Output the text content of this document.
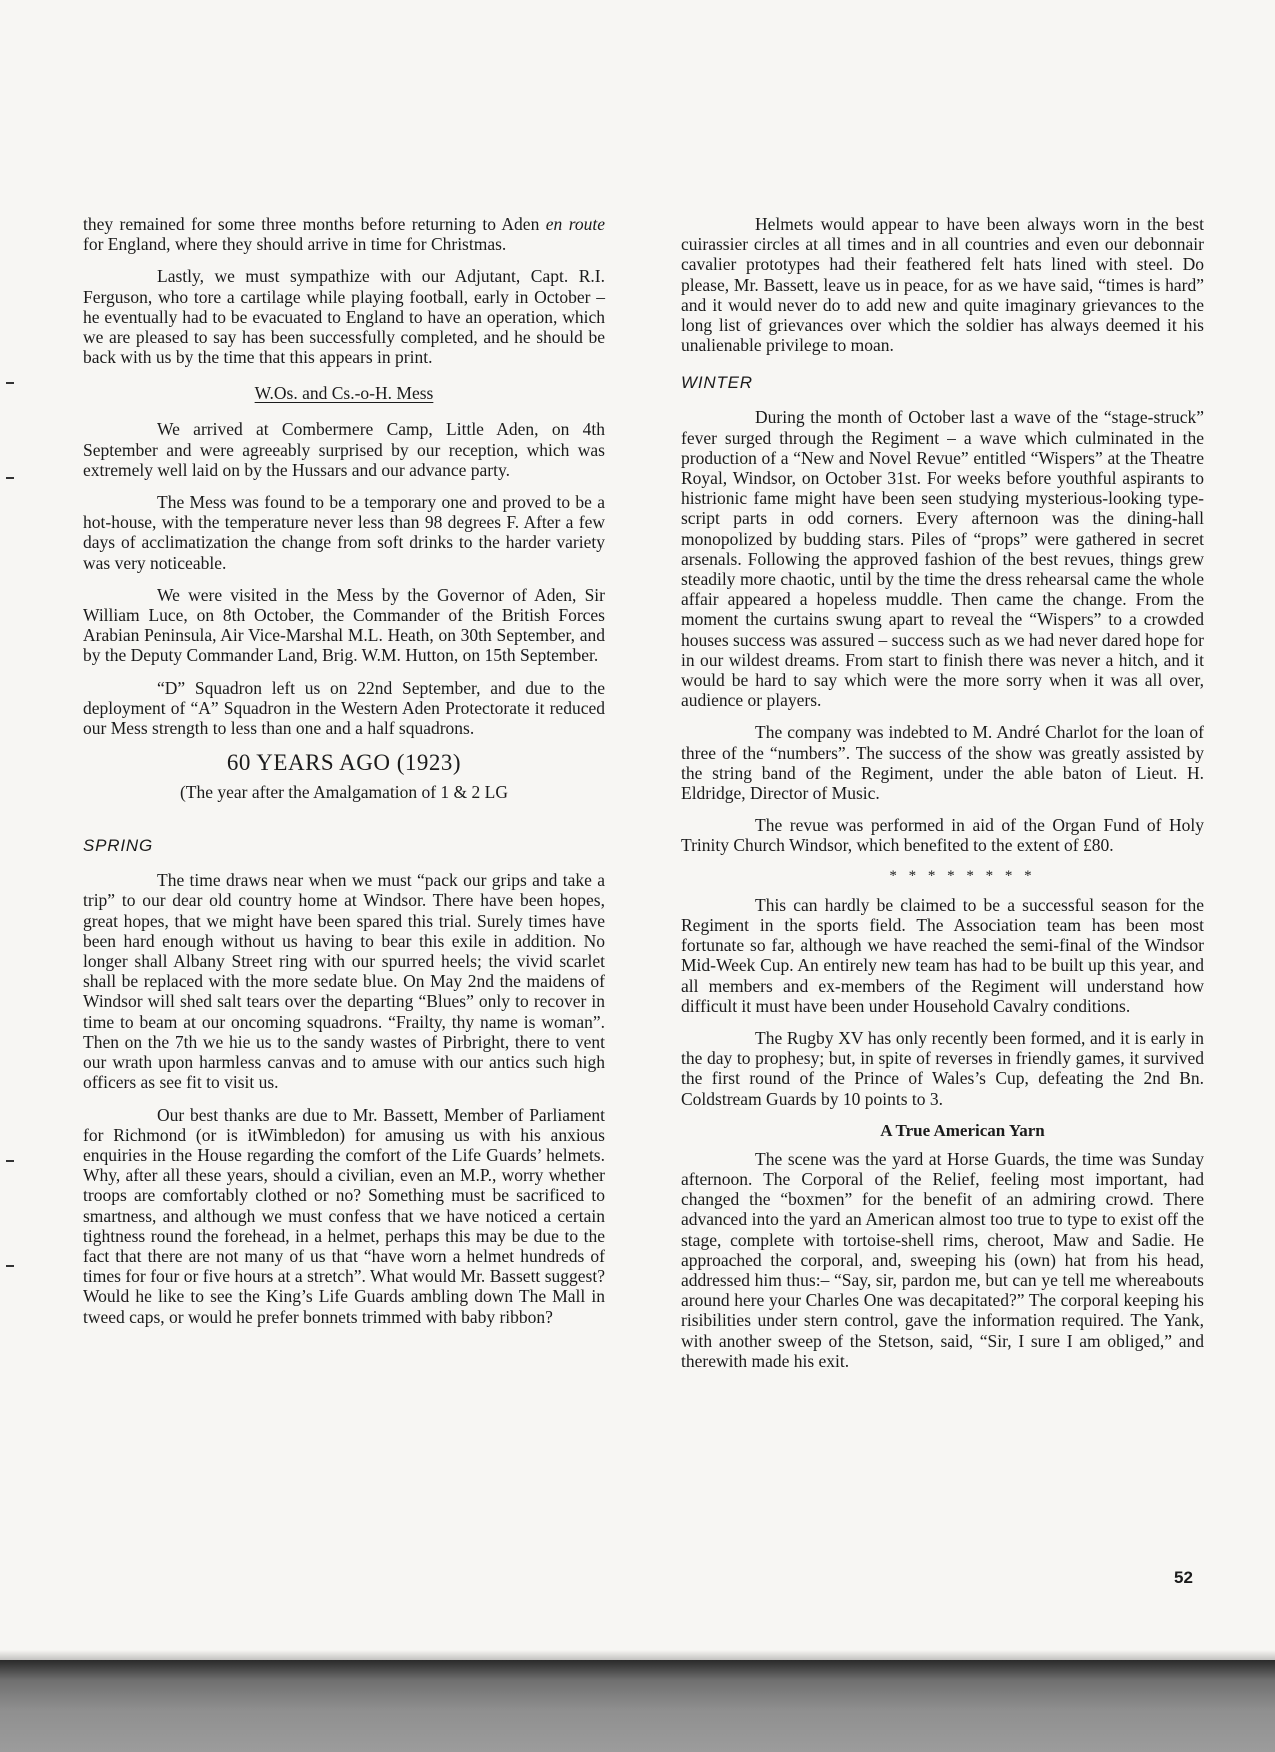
they remained for some three months before returning to Aden en route for England, where they should arrive in time for Christmas.

Lastly, we must sympathize with our Adjutant, Capt. R.I. Ferguson, who tore a cartilage while playing football, early in October – he eventually had to be evacuated to England to have an operation, which we are pleased to say has been successfully completed, and he should be back with us by the time that this appears in print.

W.Os. and Cs.-o-H. Mess

We arrived at Combermere Camp, Little Aden, on 4th September and were agreeably surprised by our reception, which was extremely well laid on by the Hussars and our advance party.

The Mess was found to be a temporary one and proved to be a hot-house, with the temperature never less than 98 degrees F. After a few days of acclimatization the change from soft drinks to the harder variety was very noticeable.

We were visited in the Mess by the Governor of Aden, Sir William Luce, on 8th October, the Commander of the British Forces Arabian Peninsula, Air Vice-Marshal M.L. Heath, on 30th September, and by the Deputy Commander Land, Brig. W.M. Hutton, on 15th September.

“D” Squadron left us on 22nd September, and due to the deployment of “A” Squadron in the Western Aden Protectorate it reduced our Mess strength to less than one and a half squadrons.

60 YEARS AGO (1923)
(The year after the Amalgamation of 1 & 2 LG
SPRING

The time draws near when we must “pack our grips and take a trip” to our dear old country home at Windsor. There have been hopes, great hopes, that we might have been spared this trial. Surely times have been hard enough without us having to bear this exile in addition. No longer shall Albany Street ring with our spurred heels; the vivid scarlet shall be replaced with the more sedate blue. On May 2nd the maidens of Windsor will shed salt tears over the departing “Blues” only to recover in time to beam at our oncoming squadrons. “Frailty, thy name is woman”. Then on the 7th we hie us to the sandy wastes of Pirbright, there to vent our wrath upon harmless canvas and to amuse with our antics such high officers as see fit to visit us.

Our best thanks are due to Mr. Bassett, Member of Parliament for Richmond (or is itWimbledon) for amusing us with his anxious enquiries in the House regarding the comfort of the Life Guards’ helmets. Why, after all these years, should a civilian, even an M.P., worry whether troops are comfortably clothed or no? Something must be sacrificed to smartness, and although we must confess that we have noticed a certain tightness round the forehead, in a helmet, perhaps this may be due to the fact that there are not many of us that “have worn a helmet hundreds of times for four or five hours at a stretch”. What would Mr. Bassett suggest? Would he like to see the King’s Life Guards ambling down The Mall in tweed caps, or would he prefer bonnets trimmed with baby ribbon?

Helmets would appear to have been always worn in the best cuirassier circles at all times and in all countries and even our debonnair cavalier prototypes had their feathered felt hats lined with steel. Do please, Mr. Bassett, leave us in peace, for as we have said, “times is hard” and it would never do to add new and quite imaginary grievances to the long list of grievances over which the soldier has always deemed it his unalienable privilege to moan.

WINTER

During the month of October last a wave of the “stage-struck” fever surged through the Regiment – a wave which culminated in the production of a “New and Novel Revue” entitled “Wispers” at the Theatre Royal, Windsor, on October 31st. For weeks before youthful aspirants to histrionic fame might have been seen studying mysterious-looking type-script parts in odd corners. Every afternoon was the dining-hall monopolized by budding stars. Piles of “props” were gathered in secret arsenals. Following the approved fashion of the best revues, things grew steadily more chaotic, until by the time the dress rehearsal came the whole affair appeared a hopeless muddle. Then came the change. From the moment the curtains swung apart to reveal the “Wispers” to a crowded houses success was assured – success such as we had never dared hope for in our wildest dreams. From start to finish there was never a hitch, and it would be hard to say which were the more sorry when it was all over, audience or players.

The company was indebted to M. André Charlot for the loan of three of the “numbers”. The success of the show was greatly assisted by the string band of the Regiment, under the able baton of Lieut. H. Eldridge, Director of Music.

The revue was performed in aid of the Organ Fund of Holy Trinity Church Windsor, which benefited to the extent of £80.

* * * * * * * *

This can hardly be claimed to be a successful season for the Regiment in the sports field. The Association team has been most fortunate so far, although we have reached the semi-final of the Windsor Mid-Week Cup. An entirely new team has had to be built up this year, and all members and ex-members of the Regiment will understand how difficult it must have been under Household Cavalry conditions.

The Rugby XV has only recently been formed, and it is early in the day to prophesy; but, in spite of reverses in friendly games, it survived the first round of the Prince of Wales’s Cup, defeating the 2nd Bn. Coldstream Guards by 10 points to 3.

A True American Yarn

The scene was the yard at Horse Guards, the time was Sunday afternoon. The Corporal of the Relief, feeling most important, had changed the “boxmen” for the benefit of an admiring crowd. There advanced into the yard an American almost too true to type to exist off the stage, complete with tortoise-shell rims, cheroot, Maw and Sadie. He approached the corporal, and, sweeping his (own) hat from his head, addressed him thus:– “Say, sir, pardon me, but can ye tell me whereabouts around here your Charles One was decapitated?” The corporal keeping his risibilities under stern control, gave the information required. The Yank, with another sweep of the Stetson, said, “Sir, I sure I am obliged,” and therewith made his exit.

52
